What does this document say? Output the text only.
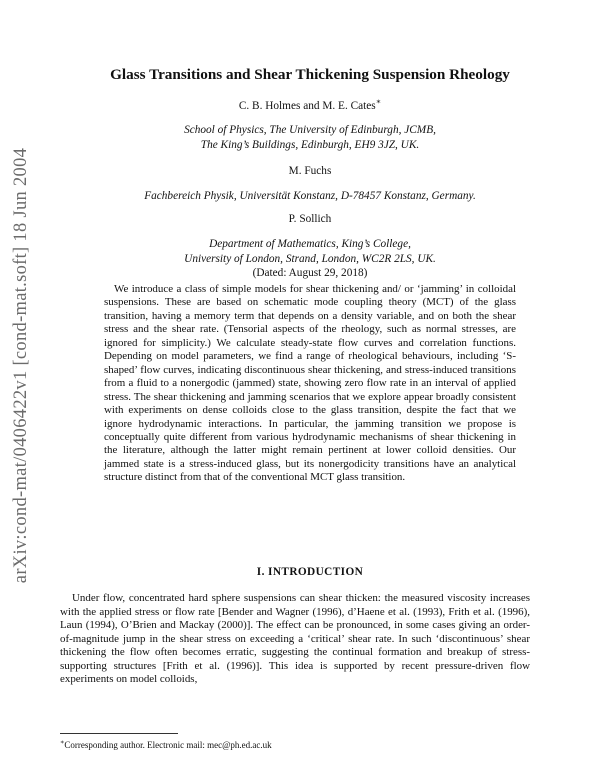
arXiv:cond-mat/0406422v1 [cond-mat.soft] 18 Jun 2004
Glass Transitions and Shear Thickening Suspension Rheology
C. B. Holmes and M. E. Cates∗
School of Physics, The University of Edinburgh, JCMB,
The King’s Buildings, Edinburgh, EH9 3JZ, UK.
M. Fuchs
Fachbereich Physik, Universität Konstanz, D-78457 Konstanz, Germany.
P. Sollich
Department of Mathematics, King’s College,
University of London, Strand, London, WC2R 2LS, UK.
(Dated: August 29, 2018)

We introduce a class of simple models for shear thickening and/ or ‘jamming’ in colloidal suspensions. These are based on schematic mode coupling theory (MCT) of the glass transition, having a memory term that depends on a density variable, and on both the shear stress and the shear rate. (Tensorial aspects of the rheology, such as normal stresses, are ignored for simplicity.) We calculate steady-state flow curves and correlation functions. Depending on model parameters, we find a range of rheological behaviours, including ‘S-shaped’ flow curves, indicating discontinuous shear thickening, and stress-induced transitions from a fluid to a nonergodic (jammed) state, showing zero flow rate in an interval of applied stress. The shear thickening and jamming scenarios that we explore appear broadly consistent with experiments on dense colloids close to the glass transition, despite the fact that we ignore hydrodynamic interactions. In particular, the jamming transition we propose is conceptually quite different from various hydrodynamic mechanisms of shear thickening in the literature, although the latter might remain pertinent at lower colloid densities. Our jammed state is a stress-induced glass, but its nonergodicity transitions have an analytical structure distinct from that of the conventional MCT glass transition.

I. INTRODUCTION

Under flow, concentrated hard sphere suspensions can shear thicken: the measured viscosity increases with the applied stress or flow rate [Bender and Wagner (1996), d’Haene et al. (1993), Frith et al. (1996), Laun (1994), O’Brien and Mackay (2000)]. The effect can be pronounced, in some cases giving an order-of-magnitude jump in the shear stress on exceeding a ‘critical’ shear rate. In such ‘discontinuous’ shear thickening the flow often becomes erratic, suggesting the continual formation and breakup of stress-supporting structures [Frith et al. (1996)]. This idea is supported by recent pressure-driven flow experiments on model colloids,

∗Corresponding author. Electronic mail: mec@ph.ed.ac.uk
